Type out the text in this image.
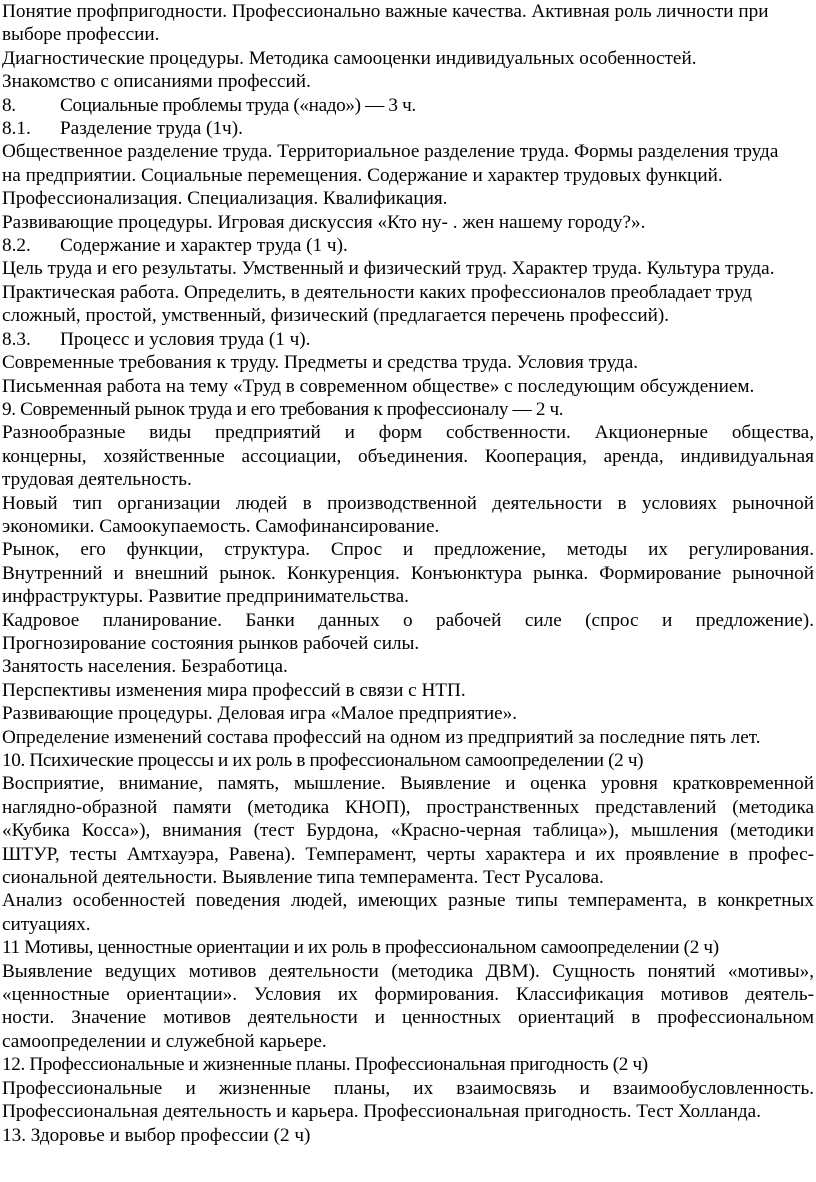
Понятие профпригодности. Профессионально важные качества. Активная роль личности при
выборе профессии.
Диагностические процедуры. Методика самооценки индивидуальных особенностей.
Знакомство с описаниями профессий.
8. Социальные проблемы труда («надо») — 3 ч.
8.1. Разделение труда (1ч).
Общественное разделение труда. Территориальное разделение труда. Формы разделения труда
на предприятии. Социальные перемещения. Содержание и характер трудовых функций.
Профессионализация. Специализация. Квалификация.
Развивающие процедуры. Игровая дискуссия «Кто ну- . жен нашему городу?».
8.2. Содержание и характер труда (1 ч).
Цель труда и его результаты. Умственный и физический труд. Характер труда. Культура труда.
Практическая работа. Определить, в деятельности каких профессионалов преобладает труд
сложный, простой, умственный, физический (предлагается перечень профессий).
8.3. Процесс и условия труда (1 ч).
Современные требования к труду. Предметы и средства труда. Условия труда.
Письменная работа на тему «Труд в современном обществе» с последующим обсуждением.
9. Современный рынок труда и его требования к профессионалу — 2 ч.
Разнообразные виды предприятий и форм собственности. Акционерные общества,
концерны, хозяйственные ассоциации, объединения. Кооперация, аренда, индивидуальная
трудовая деятельность.
Новый тип организации людей в производственной деятельности в условиях рыночной
экономики. Самоокупаемость. Самофинансирование.
Рынок, его функции, структура. Спрос и предложение, методы их регулирования.
Внутренний и внешний рынок. Конкуренция. Конъюнктура рынка. Формирование рыночной
инфраструктуры. Развитие предпринимательства.
Кадровое планирование. Банки данных о рабочей силе (спрос и предложение).
Прогнозирование состояния рынков рабочей силы.
Занятость населения. Безработица.
Перспективы изменения мира профессий в связи с НТП.
Развивающие процедуры. Деловая игра «Малое предприятие».
Определение изменений состава профессий на одном из предприятий за последние пять лет.
10. Психические процессы и их роль в профессиональном самоопределении (2 ч)
Восприятие, внимание, память, мышление. Выявление и оценка уровня кратковременной
наглядно-образной памяти (методика КНОП), пространственных представлений (методика
«Кубика Косса»), внимания (тест Бурдона, «Красно-черная таблица»), мышления (методики
ШТУР, тесты Амтхауэра, Равена). Темперамент, черты характера и их проявление в профес-
сиональной деятельности. Выявление типа темперамента. Тест Русалова.
Анализ особенностей поведения людей, имеющих разные типы темперамента, в конкретных
ситуациях.
11 Мотивы, ценностные ориентации и их роль в профессиональном самоопределении (2 ч)
Выявление ведущих мотивов деятельности (методика ДВМ). Сущность понятий «мотивы»,
«ценностные ориентации». Условия их формирования. Классификация мотивов деятель-
ности. Значение мотивов деятельности и ценностных ориентаций в профессиональном
самоопределении и служебной карьере.
12. Профессиональные и жизненные планы. Профессиональная пригодность (2 ч)
Профессиональные и жизненные планы, их взаимосвязь и взаимообусловленность.
Профессиональная деятельность и карьера. Профессиональная пригодность. Тест Холланда.
13. Здоровье и выбор профессии (2 ч)
